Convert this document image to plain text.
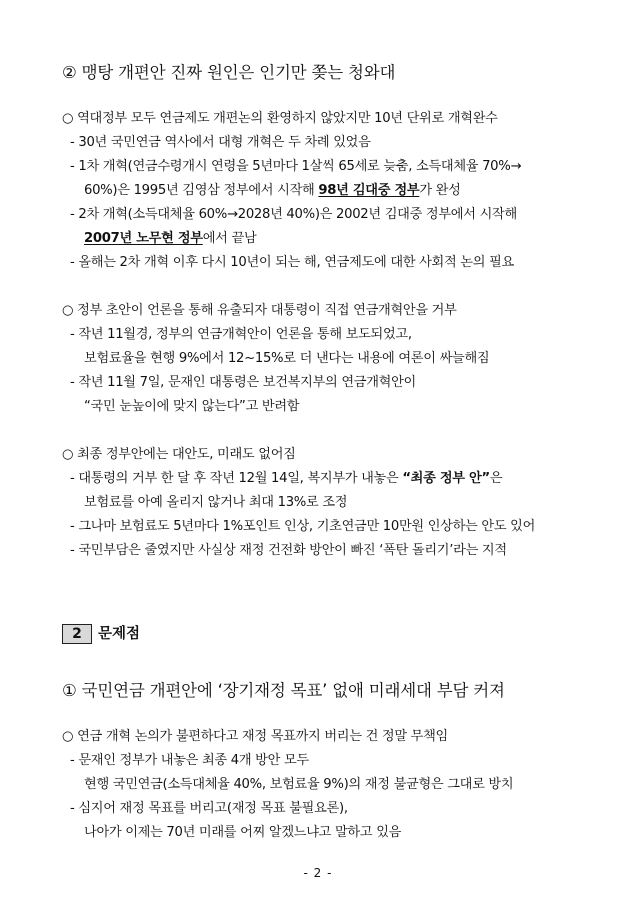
② 맹탕 개편안 진짜 원인은 인기만 쫒는 청와대
○ 역대정부 모두 연금제도 개편논의 환영하지 않았지만 10년 단위로 개혁완수
- 30년 국민연금 역사에서 대형 개혁은 두 차례 있었음
- 1차 개혁(연금수령개시 연령을 5년마다 1살씩 65세로 늦춤, 소득대체율 70%→
60%)은 1995년 김영삼 정부에서 시작해 98년 김대중 정부가 완성
- 2차 개혁(소득대체율 60%→2028년 40%)은 2002년 김대중 정부에서 시작해
2007년 노무현 정부에서 끝남
- 올해는 2차 개혁 이후 다시 10년이 되는 해, 연금제도에 대한 사회적 논의 필요
○ 정부 초안이 언론을 통해 유출되자 대통령이 직접 연금개혁안을 거부
- 작년 11월경, 정부의 연금개혁안이 언론을 통해 보도되었고,
보험료율을 현행 9%에서 12~15%로 더 낸다는 내용에 여론이 싸늘해짐
- 작년 11월 7일, 문재인 대통령은 보건복지부의 연금개혁안이
“국민 눈높이에 맞지 않는다”고 반려함
○ 최종 정부안에는 대안도, 미래도 없어짐
- 대통령의 거부 한 달 후 작년 12월 14일, 복지부가 내놓은 “최종 정부 안”은
보험료를 아예 올리지 않거나 최대 13%로 조정
- 그나마 보험료도 5년마다 1%포인트 인상, 기초연금만 10만원 인상하는 안도 있어
- 국민부담은 줄였지만 사실상 재정 건전화 방안이 빠진 ‘폭탄 돌리기’라는 지적
2	문제점
① 국민연금 개편안에 ‘장기재정 목표’ 없애 미래세대 부담 커져
○ 연금 개혁 논의가 불편하다고 재정 목표까지 버리는 건 정말 무책임
- 문재인 정부가 내놓은 최종 4개 방안 모두
현행 국민연금(소득대체율 40%, 보험료율 9%)의 재정 불균형은 그대로 방치
- 심지어 재정 목표를 버리고(재정 목표 불필요론),
나아가 이제는 70년 미래를 어찌 알겠느냐고 말하고 있음
- 2 -
